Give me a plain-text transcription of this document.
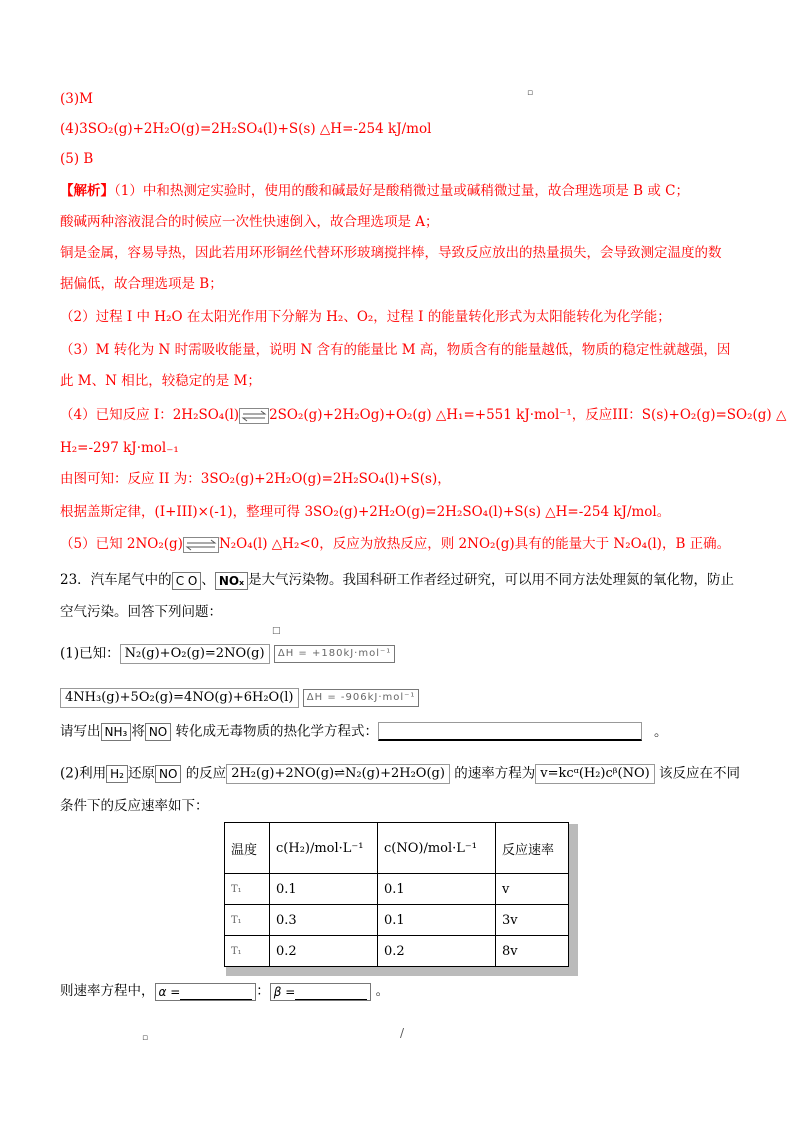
▫
□
▫	/
(3)M
(4)3SO₂(g)+2H₂O(g)=2H₂SO₄(l)+S(s) △H=-254 kJ/mol
(5) B
【解析】（1）中和热测定实验时，使用的酸和碱最好是酸稍微过量或碱稍微过量，故合理选项是 B 或 C；
酸碱两种溶液混合的时候应一次性快速倒入，故合理选项是 A；
铜是金属，容易导热，因此若用环形铜丝代替环形玻璃搅拌棒，导致反应放出的热量损失，会导致测定温度的数
据偏低，故合理选项是 B；
（2）过程 I 中 H₂O 在太阳光作用下分解为 H₂、O₂，过程 I 的能量转化形式为太阳能转化为化学能；
（3）M 转化为 N 时需吸收能量，说明 N 含有的能量比 M 高，物质含有的能量越低，物质的稳定性就越强，因
此 M、N 相比，较稳定的是 M；
（4）已知反应 I：2H₂SO₄(l) 2SO₂(g)+2H₂Og)+O₂(g) △H₁=+551 kJ·mol⁻¹，反应III：S(s)+O₂(g)=SO₂(g) △
H₂=-297 kJ·mol₋₁
由图可知：反应 II 为：3SO₂(g)+2H₂O(g)=2H₂SO₄(l)+S(s)，
根据盖斯定律，(I+III)×(-1)，整理可得 3SO₂(g)+2H₂O(g)=2H₂SO₄(l)+S(s) △H=-254 kJ/mol。
（5）已知 2NO₂(g)	N₂O₄(l) △H₂<0，反应为放热反应，则 2NO₂(g)具有的能量大于 N₂O₄(l)，B 正确。
23．汽车尾气中的 C O 、 NOₓ 是大气污染物。我国科研工作者经过研究，可以用不同方法处理氮的氧化物，防止
空气污染。回答下列问题：
(1)已知： N₂(g)+O₂(g)=2NO(g) ΔH = +180kJ·mol⁻¹
4NH₃(g)+5O₂(g)=4NO(g)+6H₂O(l) ΔH = -906kJ·mol⁻¹
请写出 NH₃ 将 NO 转化成无毒物质的热化学方程式：	。
(2)利用 H₂ 还原 NO 的反应 2H₂(g)+2NO(g)⇌N₂(g)+2H₂O(g) 的速率方程为 v=kcᵅ(H₂)cᵝ(NO) 该反应在不同
条件下的反应速率如下：
温度	c(H₂)/mol·L⁻¹	c(NO)/mol·L⁻¹	反应速率
T₁	0.1	0.1	v
T₁	0.3	0.1	3v
T₁	0.2	0.2	8v
则速率方程中， α =	： β =	。
